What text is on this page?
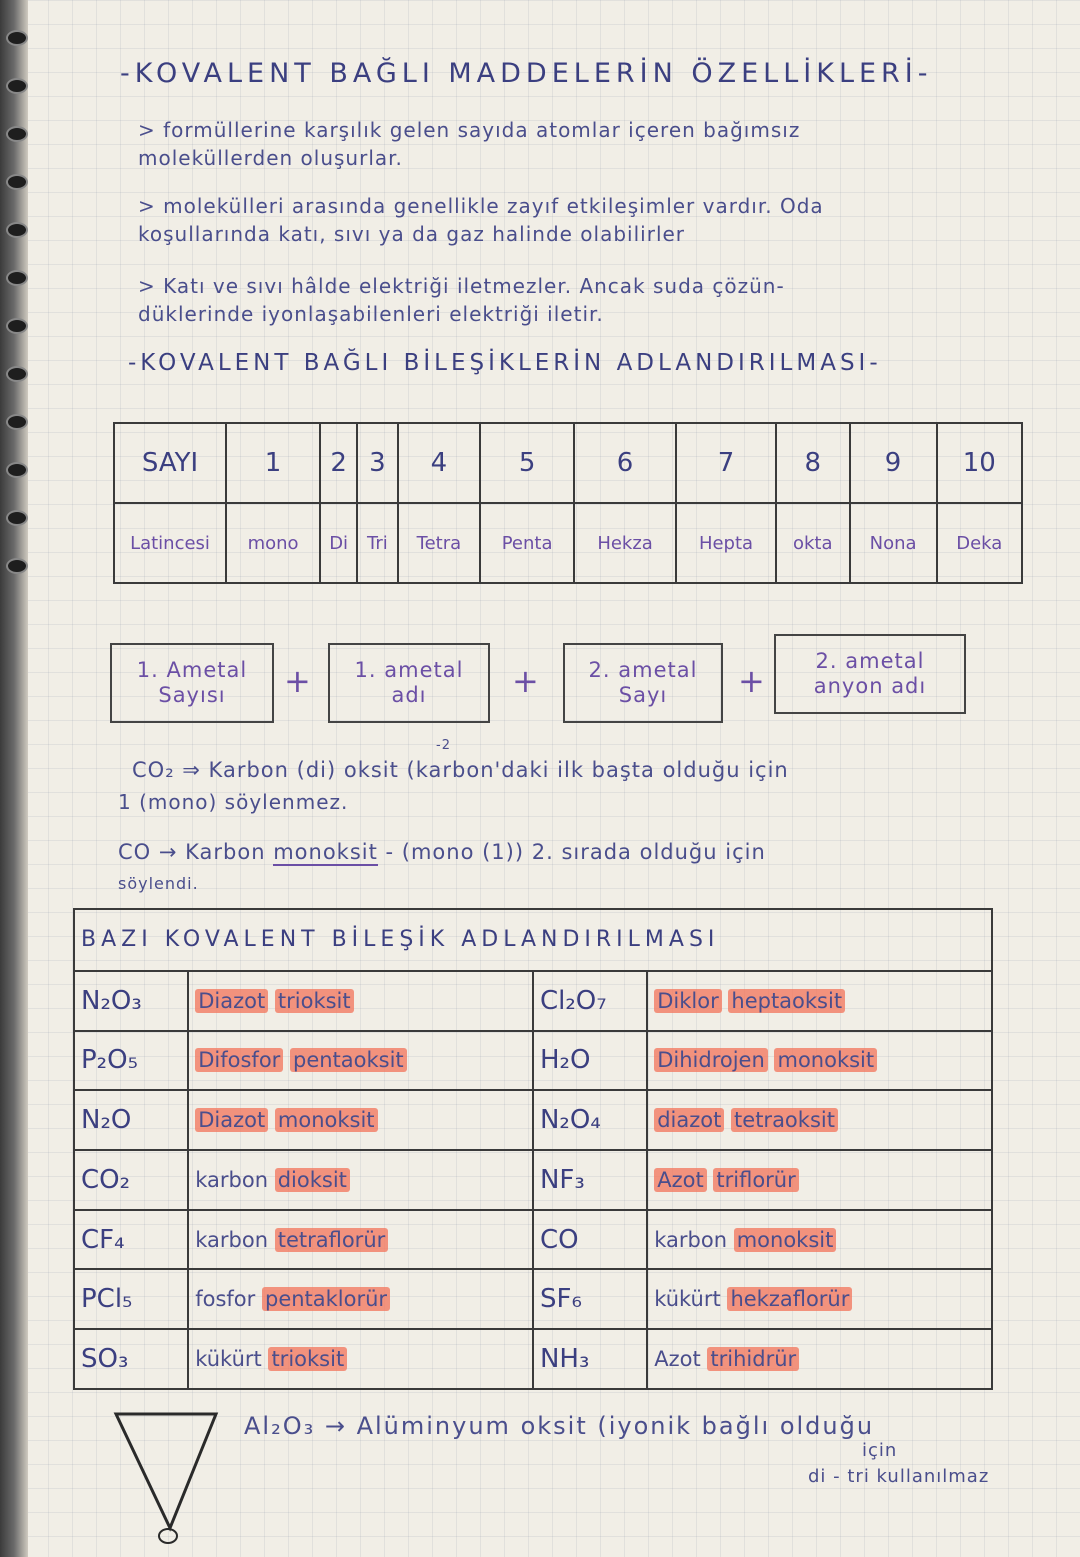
-KOVALENT BAĞLI MADDELERİN ÖZELLİKLERİ-
> formüllerine karşılık gelen sayıda atomlar içeren bağımsız
moleküllerden oluşurlar.
> molekülleri arasında genellikle zayıf etkileşimler vardır. Oda
koşullarında katı, sıvı ya da gaz halinde olabilirler
> Katı ve sıvı hâlde elektriği iletmezler. Ancak suda çözün-
düklerinde iyonlaşabilenleri elektriği iletir.
-KOVALENT BAĞLI BİLEŞİKLERİN ADLANDIRILMASI-
SAYI	1	2	3	4	5	6	7	8	9	10
Latincesi	mono	Di	Tri	Tetra	Penta	Hekza	Hepta	okta	Nona	Deka
1. Ametal
Sayısı	+	1. ametal
adı	+	2. ametal
Sayı	+
2. ametal
anyon adı
CO₂ ⇒ Karbon (di) oksit (karbon'daki ilk başta olduğu için
-2
1 (mono) söylenmez.
CO → Karbon monoksit - (mono (1)) 2. sırada olduğu için
söylendi.
BAZI KOVALENT BİLEŞİK ADLANDIRILMASI			
N₂O₃	Diazot trioksit	Cl₂O₇	Diklor heptaoksit
P₂O₅	Difosfor pentaoksit	H₂O	Dihidrojen monoksit
N₂O	Diazot monoksit	N₂O₄	diazot tetraoksit
CO₂	karbon dioksit	NF₃	Azot triflorür
CF₄	karbon tetraflorür	CO	karbon monoksit
PCl₅	fosfor pentaklorür	SF₆	kükürt hekzaflorür
SO₃	kükürt trioksit	NH₃	Azot trihidrür
Al₂O₃ → Alüminyum oksit (iyonik bağlı olduğu
için
di - tri kullanılmaz
